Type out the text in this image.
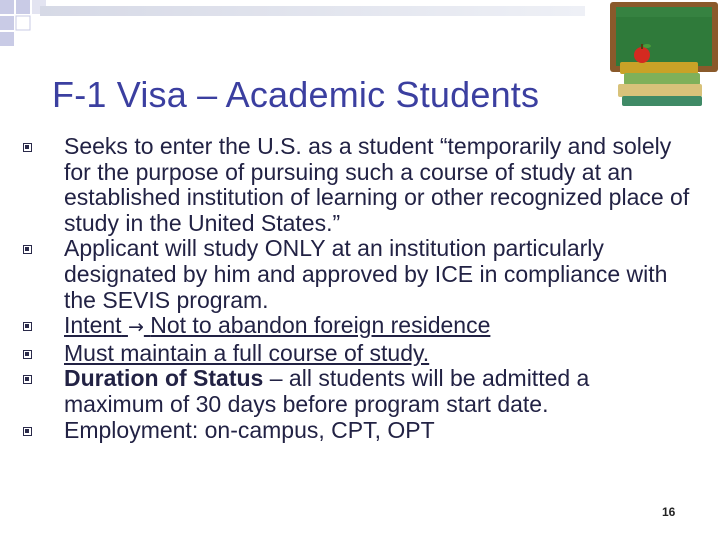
F-1 Visa – Academic Students
Seeks to enter the U.S. as a student “temporarily and solely for the purpose of pursuing such a course of study at an established institution of learning or other recognized place of study in the United States.”
Applicant will study ONLY at an institution particularly designated by him and approved by ICE in compliance with the SEVIS program.
Intent → Not to abandon foreign residence
Must maintain a full course of study.
Duration of Status – all students will be admitted a maximum of 30 days before program start date.
Employment: on-campus, CPT, OPT
16
